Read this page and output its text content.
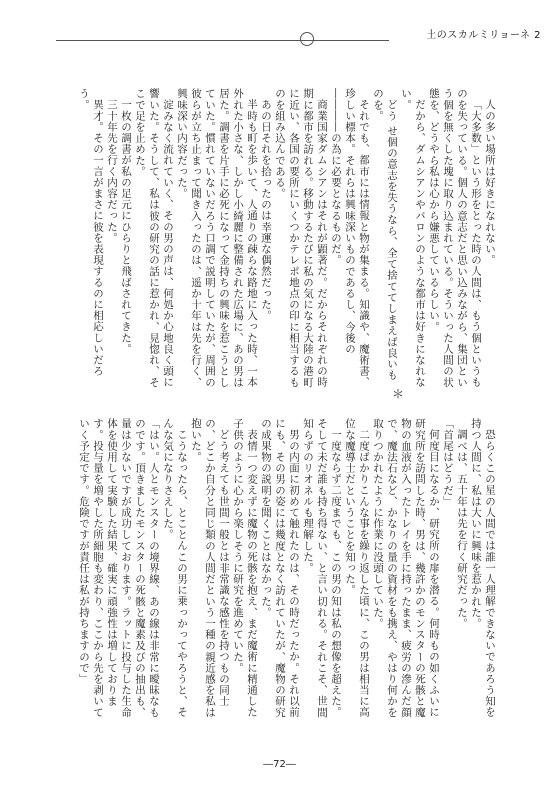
土のスカルミリョーネ 2

人の多い場所は好きになれない。

「大多数」という形をとった時の人間は、もう個というものを失っている。個人の意志だと思い込みながら、集団という個を無くした塊に取り込まれている。そういった人間の状態を、どうやら私は心から嫌悪しているらしい。

だから、ダムシアンやバロンのような都市は好きになれない。

どう せ個の意志を失うなら、全て捨ててしまえば良いものを。

それでも、都市には情報と物が集まる。知識や、魔術書、珍しい標本。それらは興味深いものであるし、今後の――――の為に必要となるものだ。

商業国家ダムシアンはそれが顕著だ。だからそれぞれの時期に都市を訪れる。移動するたびに私の気になる大陸の港町に近い、各国の要所にいくつかテレポ地点の印に相当するものを組み込んである。

あの日それを拾ったのは幸運な偶然だった。

半時も町を歩いて、人通りの疎らな路地に入った時、一本外れた小さな、しかし小綺麗に整備された広場に、あの男は居た。調書を片手に必死になって金持ちの興味を惹こうとしていた。慣れていないだろう口調で説明していたが、周囲の彼らが立ち止まって聞き入ったのは、遥か十年は先を行く、興味深い内容だった。

淀みなく流れていく、その男の声は、何処か心地良く頭に響いた。そうして、私は彼の研究の話に惹かれ、見惚れ、そこで足を止めた。

一枚の調書が私の足元にひらりと飛ばされてきた。

三十年先を行く内容だった。

異才。その一言がまさに彼を表現するのに相応しいだろう。

＊

恐らくこの星の人間では誰一人理解できないであろう知を持つ人間に、私は大いに興味を惹かれた。

調べは、五十年は先を行く研究だった。

「首尾はどうだ」

何度目になるか、研究所の扉を潜る。何時もの如くふいに研究所を訪問した時、男は、幾許かのモンスターの死骸と魔物の血液が入ったトレイを手に持ったまま、疲労の滲んだ顔で、魔法石など、かなりの量の資材をも携え、やはり何かを取りつかれたように作業に没頭していた。

二度ばかりこんな事を繰り返した頃に、この男は相当に高位な魔導士だということを知った。

一度ならず二度までも、この男の知は私の想像を超えた。そして未だ誰も持ち得ない、と言い切れる。それこそ、世間知らずのリオネルも理解した。

男の内面に初めて触れたのは、その時だったか。それ以前にも、その男の姿には幾度となく訪れていたが、魔物の研究の成果物の説明を聞くことはなかった。

表情一つ変えずに魔物の死骸を抱え、まだ魔術に精通した子供のように心から楽しそうに研究を進めていた。

どう考えても世間一般とは非常識な感性を持つもの同士の、どこか自分と同じ類の人間だという一種の親近感を私は抱いた。

こうなったら、とことんこの男に乗っかってやろうと、そんな気になりさえした。

「はい。人とモンスターの境界線、あの線は非常に曖昧なものです。頂きましたモンスターの死骸と魔素及びの抽出も、量は少ないですが成功しております。ラットに投与した生命体を使用して実験した結果、確実に頑強性は増しております。投与量を増やした所細胞も変わり、ここから先を剥いていく予定です。危険ですが責任は私が持ちますので」

―72―
